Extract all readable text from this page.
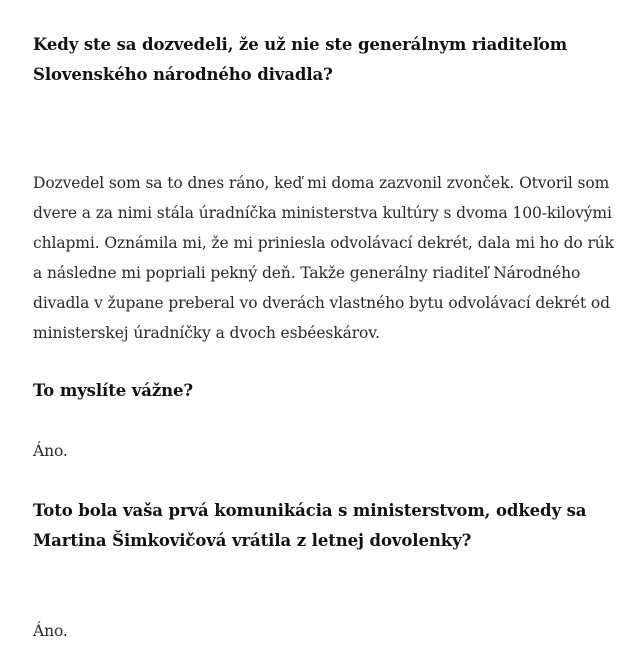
Kedy ste sa dozvedeli, že už nie ste generálnym riaditeľom Slovenského národného divadla?

Dozvedel som sa to dnes ráno, keď mi doma zazvonil zvonček. Otvoril som dvere a za nimi stála úradníčka ministerstva kultúry s dvoma 100-kilovými chlapmi. Oznámila mi, že mi priniesla odvolávací dekrét, dala mi ho do rúk a následne mi popriali pekný deň. Takže generálny riaditeľ Národného divadla v župane preberal vo dverách vlastného bytu odvolávací dekrét od ministerskej úradníčky a dvoch esbéeskárov.

To myslíte vážne?

Áno.

Toto bola vaša prvá komunikácia s ministerstvom, odkedy sa Martina Šimkovičová vrátila z letnej dovolenky?

Áno.
